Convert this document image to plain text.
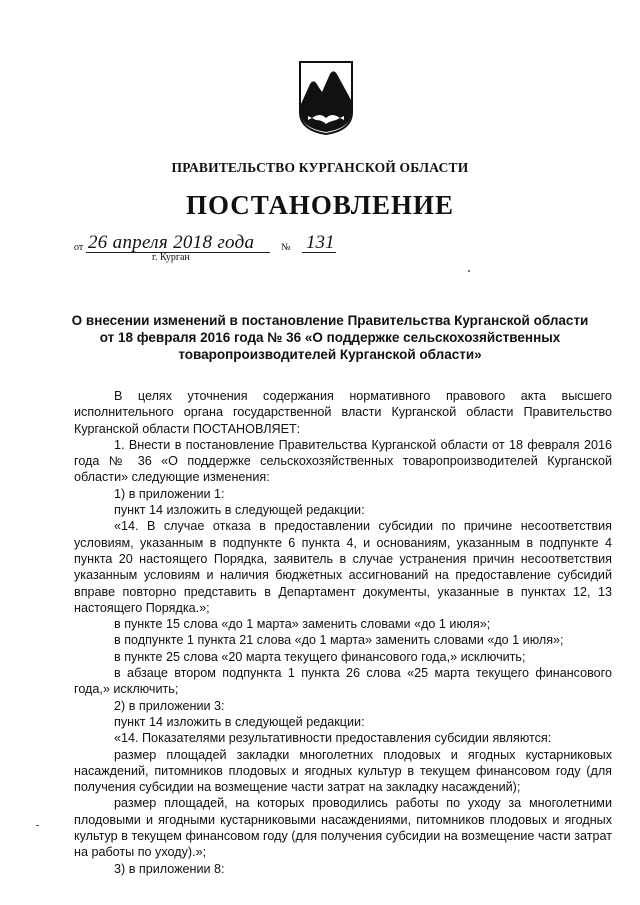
ПРАВИТЕЛЬСТВО КУРГАНСКОЙ ОБЛАСТИ
ПОСТАНОВЛЕНИЕ
от 26 апреля 2018 года
г. Курган
№ 131
О внесении изменений в постановление Правительства Курганской области
от 18 февраля 2016 года № 36 «О поддержке сельскохозяйственных
товаропроизводителей Курганской области»

В целях уточнения содержания нормативного правового акта высшего исполнительного органа государственной власти Курганской области Правительство Курганской области ПОСТАНОВЛЯЕТ:

1. Внести в постановление Правительства Курганской области от 18 февраля 2016 года № 36 «О поддержке сельскохозяйственных товаропроизводителей Курганской области» следующие изменения:

1) в приложении 1:

пункт 14 изложить в следующей редакции:

«14. В случае отказа в предоставлении субсидии по причине несоответствия условиям, указанным в подпункте 6 пункта 4, и основаниям, указанным в подпункте 4 пункта 20 настоящего Порядка, заявитель в случае устранения причин несоответствия указанным условиям и наличия бюджетных ассигнований на предоставление субсидий вправе повторно представить в Департамент документы, указанные в пунктах 12, 13 настоящего Порядка.»;

в пункте 15 слова «до 1 марта» заменить словами «до 1 июля»;

в подпункте 1 пункта 21 слова «до 1 марта» заменить словами «до 1 июля»;

в пункте 25 слова «20 марта текущего финансового года,» исключить;

в абзаце втором подпункта 1 пункта 26 слова «25 марта текущего финансового года,» исключить;

2) в приложении 3:

пункт 14 изложить в следующей редакции:

«14. Показателями результативности предоставления субсидии являются:

размер площадей закладки многолетних плодовых и ягодных кустарниковых насаждений, питомников плодовых и ягодных культур в текущем финансовом году (для получения субсидии на возмещение части затрат на закладку насаждений);

размер площадей, на которых проводились работы по уходу за многолетними плодовыми и ягодными кустарниковыми насаждениями, питомников плодовых и ягодных культур в текущем финансовом году (для получения субсидии на возмещение части затрат на работы по уходу).»;

3) в приложении 8:
